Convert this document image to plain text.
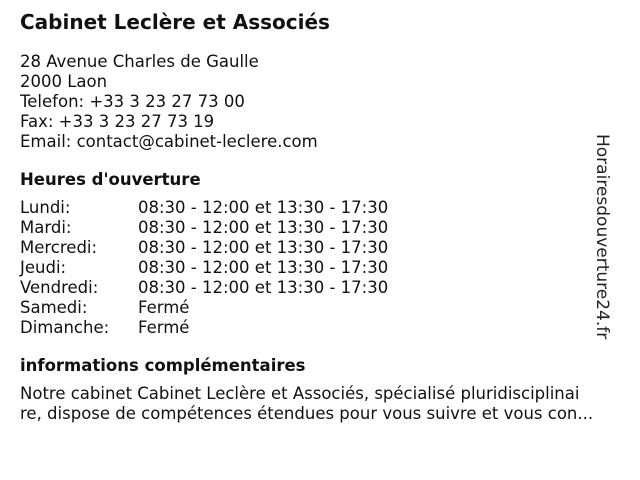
Cabinet Leclère et Associés
28 Avenue Charles de Gaulle
2000 Laon
Telefon: +33 3 23 27 73 00
Fax: +33 3 23 27 73 19
Email: contact@cabinet-leclere.com
Heures d'ouverture
Lundi:	08:30 - 12:00 et 13:30 - 17:30
Mardi:	08:30 - 12:00 et 13:30 - 17:30
Mercredi:	08:30 - 12:00 et 13:30 - 17:30
Jeudi:	08:30 - 12:00 et 13:30 - 17:30
Vendredi:	08:30 - 12:00 et 13:30 - 17:30
Samedi:	Fermé
Dimanche:	Fermé
informations complémentaires
Notre cabinet Cabinet Leclère et Associés, spécialisé pluridisciplinai
re, dispose de compétences étendues pour vous suivre et vous con...
Horairesdouverture24.fr
